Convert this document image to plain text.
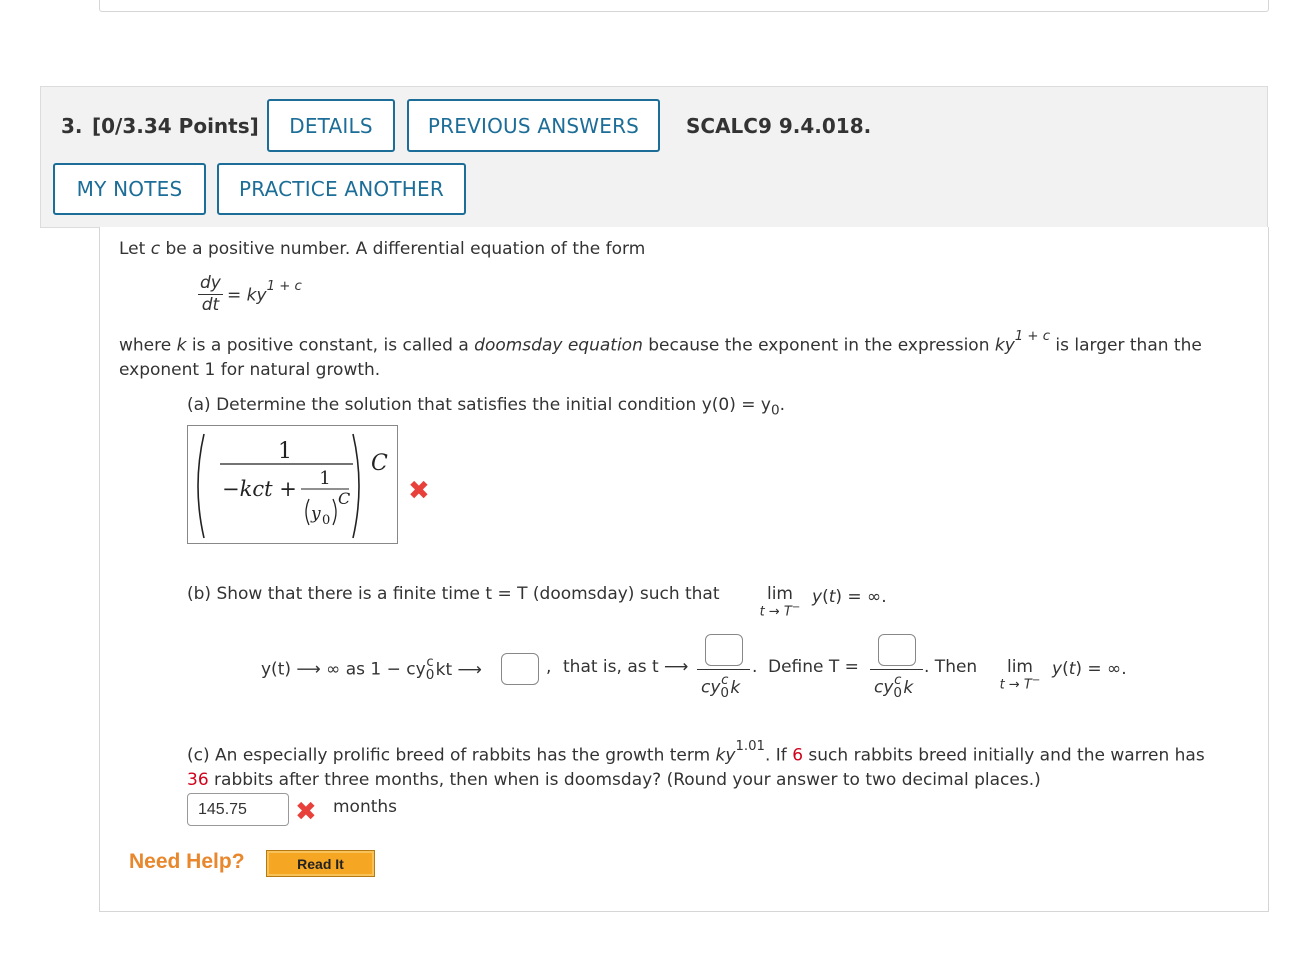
3. [0/3.34 Points]	DETAILS	PREVIOUS ANSWERS	SCALC9 9.4.018.
MY NOTES	PRACTICE ANOTHER
Let c be a positive number. A differential equation of the form
$\frac{dy}{dt} = ky^{1 + c}$
where k is a positive constant, is called a doomsday equation because the exponent in the expression $ky^{1 + c}$ is larger than the
exponent 1 for natural growth.
(a) Determine the solution that satisfies the initial condition $y(0) = y_0$.
1
−kct + 1
y 0
C
C
✖
(b) Show that there is a finite time t = T (doomsday) such that	lim
t → T−
y(t) = ∞.
y(t) ⟶ ∞ as $1 - cy_0^c$ kt ⟶	, that is, as t ⟶
$cy_0^c$ k
. Define T =
$cy_0^c$ k
. Then	lim
t → T−
y(t) = ∞.
(c) An especially prolific breed of rabbits has the growth term $ky^{1.01}$. If 6 such rabbits breed initially and the warren has
36 rabbits after three months, then when is doomsday? (Round your answer to two decimal places.)
145.75	✖ months
Need Help?	Read It
